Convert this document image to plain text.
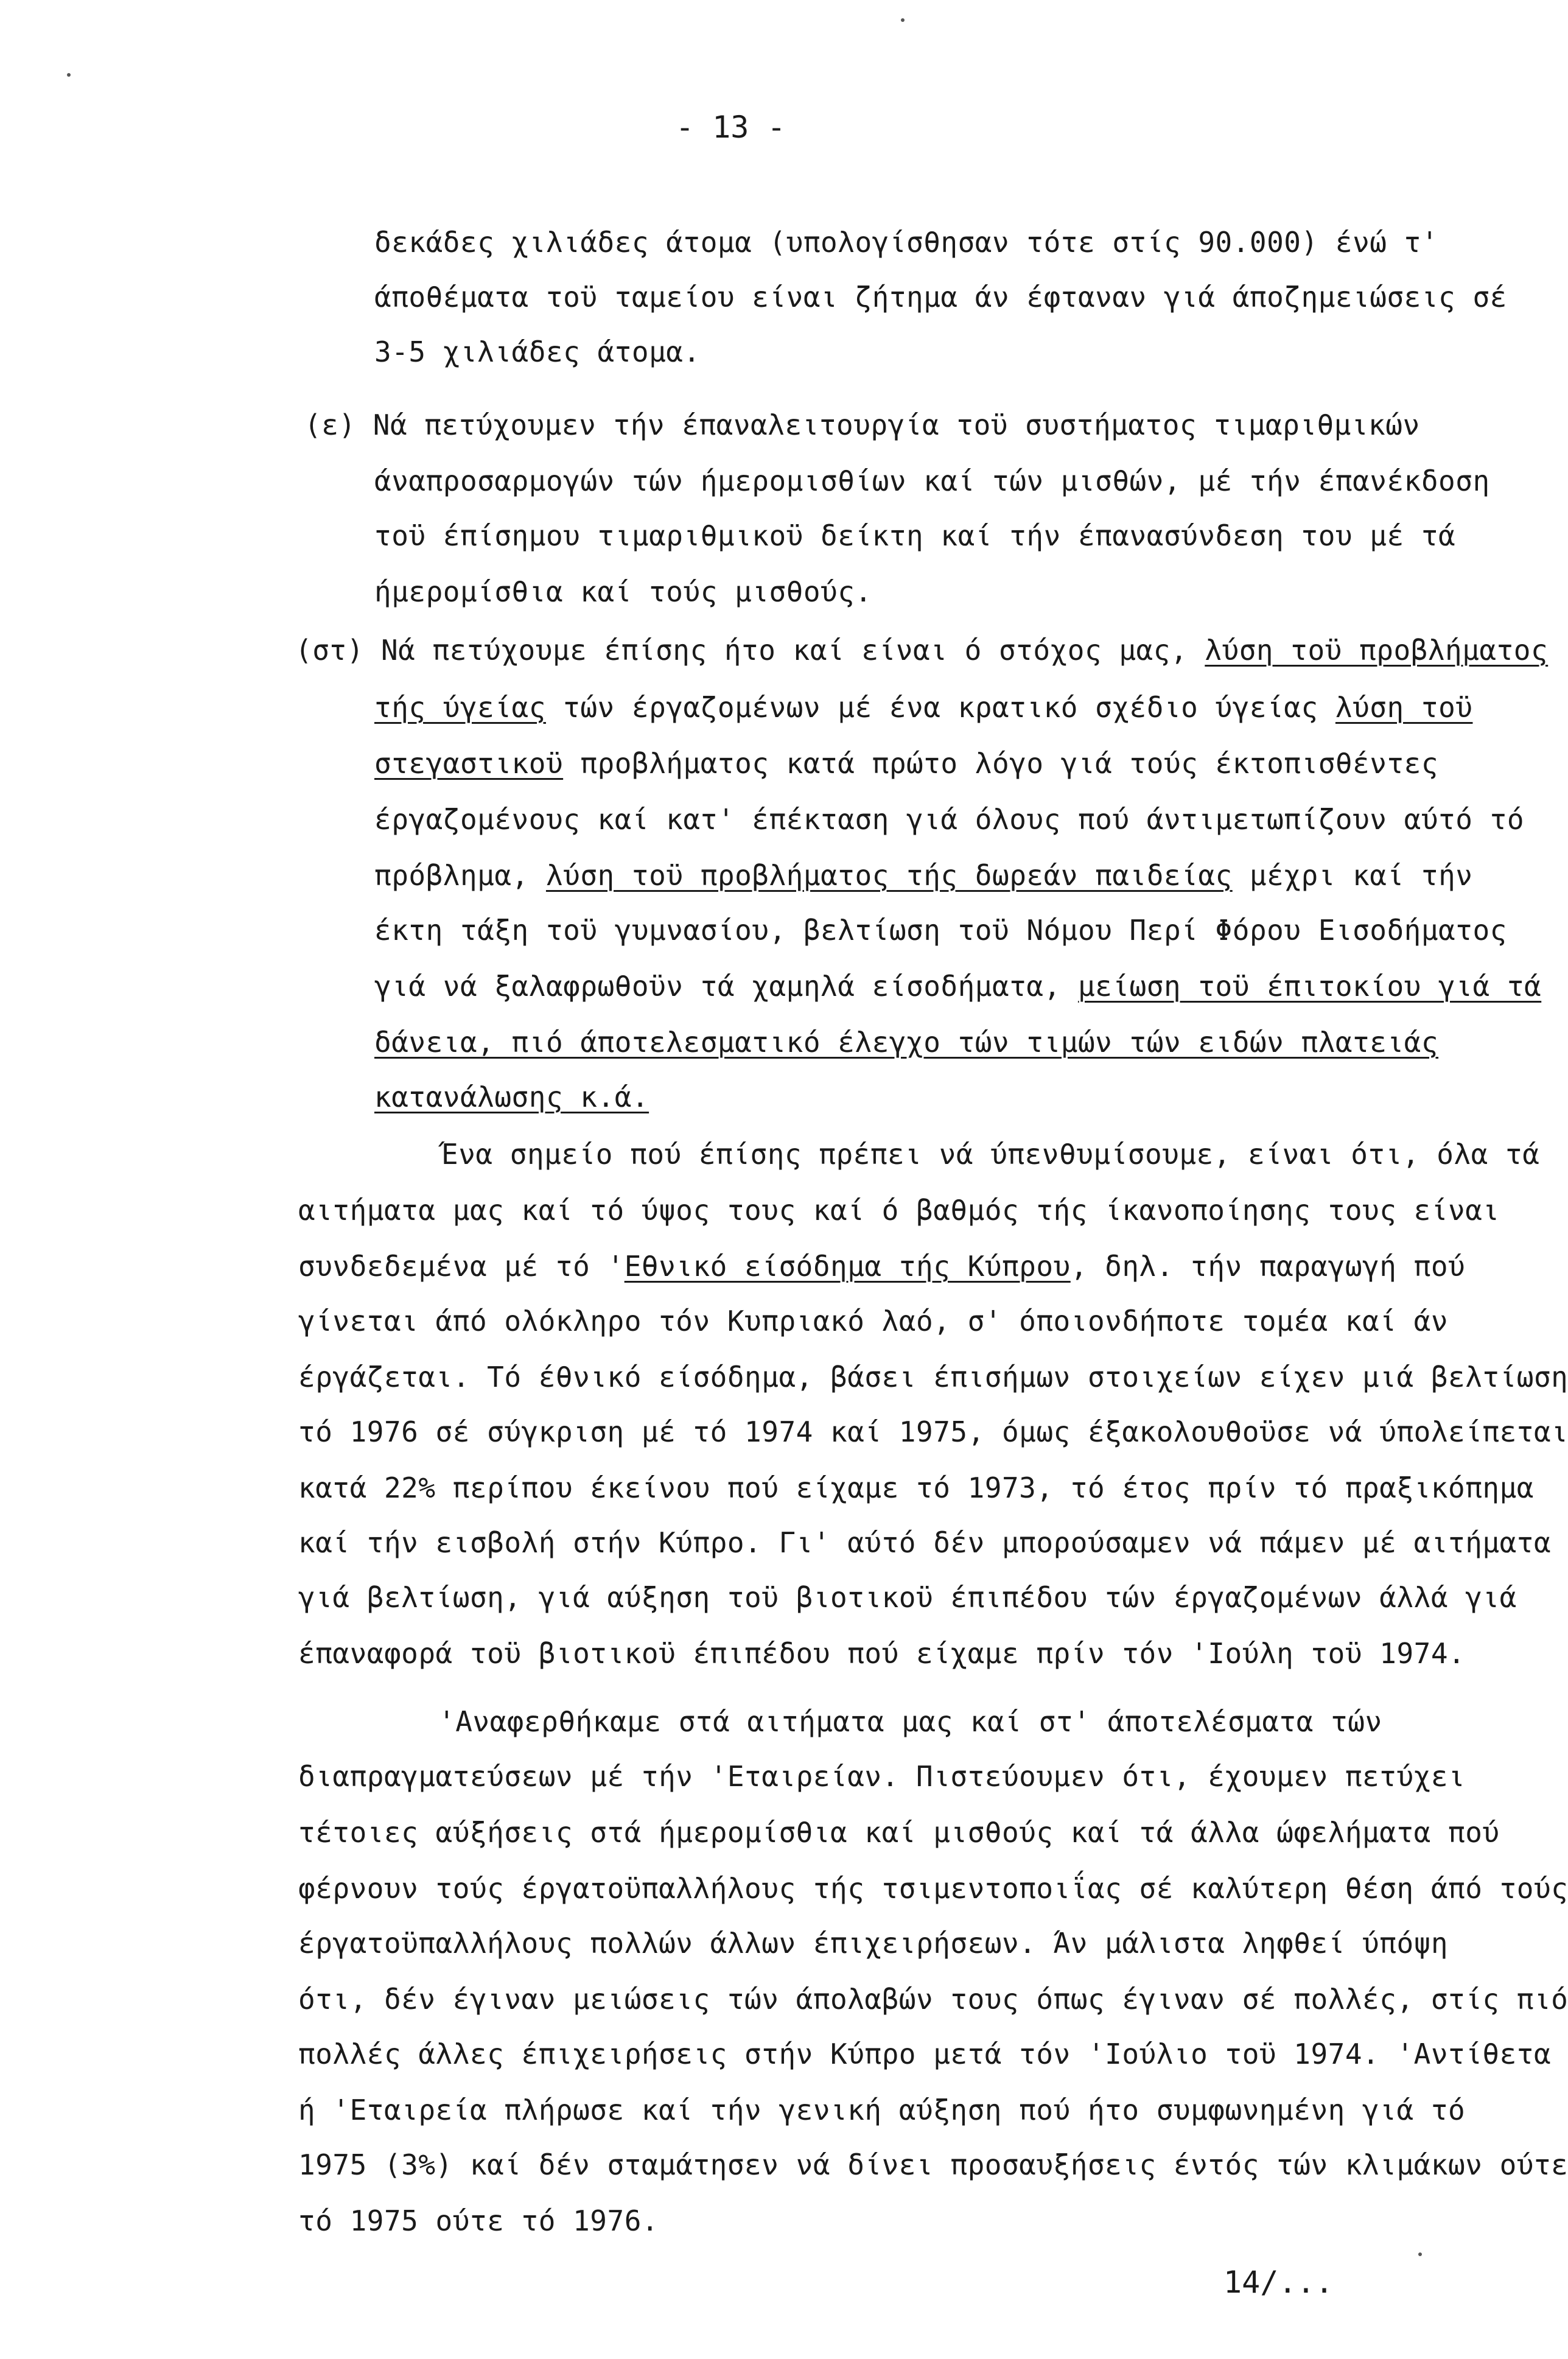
- 13 -
δεκάδες χιλιάδες άτομα (υπολογίσθησαν τότε στίς 90.000) ένώ τ'
άποθέματα τοϋ ταμείου είναι ζήτημα άν έφταναν γιά άποζημειώσεις σέ
3-5 χιλιάδες άτομα.
(ε) Νά πετύχουμεν τήν έπαναλειτουργία τοϋ συστήματος τιμαριθμικών
άναπροσαρμογών τών ήμερομισθίων καί τών μισθών, μέ τήν έπανέκδοση
τοϋ έπίσημου τιμαριθμικοϋ δείκτη καί τήν έπανασύνδεση του μέ τά
ήμερομίσθια καί τούς μισθούς.
(στ) Νά πετύχουμε έπίσης ήτο καί είναι ό στόχος μας, λύση τοϋ προβλήματος
τής ύγείας τών έργαζομένων μέ ένα κρατικό σχέδιο ύγείας λύση τοϋ
στεγαστικοϋ προβλήματος κατά πρώτο λόγο γιά τούς έκτοπισθέντες
έργαζομένους καί κατ' έπέκταση γιά όλους πού άντιμετωπίζουν αύτό τό
πρόβλημα, λύση τοϋ προβλήματος τής δωρεάν παιδείας μέχρι καί τήν
έκτη τάξη τοϋ γυμνασίου, βελτίωση τοϋ Νόμου Περί Φόρου Εισοδήματος
γιά νά ξαλαφρωθοϋν τά χαμηλά είσοδήματα, μείωση τοϋ έπιτοκίου γιά τά
δάνεια, πιό άποτελεσματικό έλεγχο τών τιμών τών ειδών πλατειάς
κατανάλωσης κ.ά.
Ένα σημείο πού έπίσης πρέπει νά ύπενθυμίσουμε, είναι ότι, όλα τά
αιτήματα μας καί τό ύψος τους καί ό βαθμός τής ίκανοποίησης τους είναι
συνδεδεμένα μέ τό 'Εθνικό είσόδημα τής Κύπρου, δηλ. τήν παραγωγή πού
γίνεται άπό ολόκληρο τόν Κυπριακό λαό, σ' όποιονδήποτε τομέα καί άν
έργάζεται. Τό έθνικό είσόδημα, βάσει έπισήμων στοιχείων είχεν μιά βελτίωση
τό 1976 σέ σύγκριση μέ τό 1974 καί 1975, όμως έξακολουθοϋσε νά ύπολείπεται
κατά 22% περίπου έκείνου πού είχαμε τό 1973, τό έτος πρίν τό πραξικόπημα
καί τήν εισβολή στήν Κύπρο. Γι' αύτό δέν μπορούσαμεν νά πάμεν μέ αιτήματα
γιά βελτίωση, γιά αύξηση τοϋ βιοτικοϋ έπιπέδου τών έργαζομένων άλλά γιά
έπαναφορά τοϋ βιοτικοϋ έπιπέδου πού είχαμε πρίν τόν 'Ιούλη τοϋ 1974.
'Αναφερθήκαμε στά αιτήματα μας καί στ' άποτελέσματα τών
διαπραγματεύσεων μέ τήν 'Εταιρείαν. Πιστεύουμεν ότι, έχουμεν πετύχει
τέτοιες αύξήσεις στά ήμερομίσθια καί μισθούς καί τά άλλα ώφελήματα πού
φέρνουν τούς έργατοϋπαλλήλους τής τσιμεντοποιΐας σέ καλύτερη θέση άπό τούς
έργατοϋπαλλήλους πολλών άλλων έπιχειρήσεων. Άν μάλιστα ληφθεί ύπόψη
ότι, δέν έγιναν μειώσεις τών άπολαβών τους όπως έγιναν σέ πολλές, στίς πιό
πολλές άλλες έπιχειρήσεις στήν Κύπρο μετά τόν 'Ιούλιο τοϋ 1974. 'Αντίθετα
ή 'Εταιρεία πλήρωσε καί τήν γενική αύξηση πού ήτο συμφωνημένη γιά τό
1975 (3%) καί δέν σταμάτησεν νά δίνει προσαυξήσεις έντός τών κλιμάκων ούτε
τό 1975 ούτε τό 1976.
14/...
